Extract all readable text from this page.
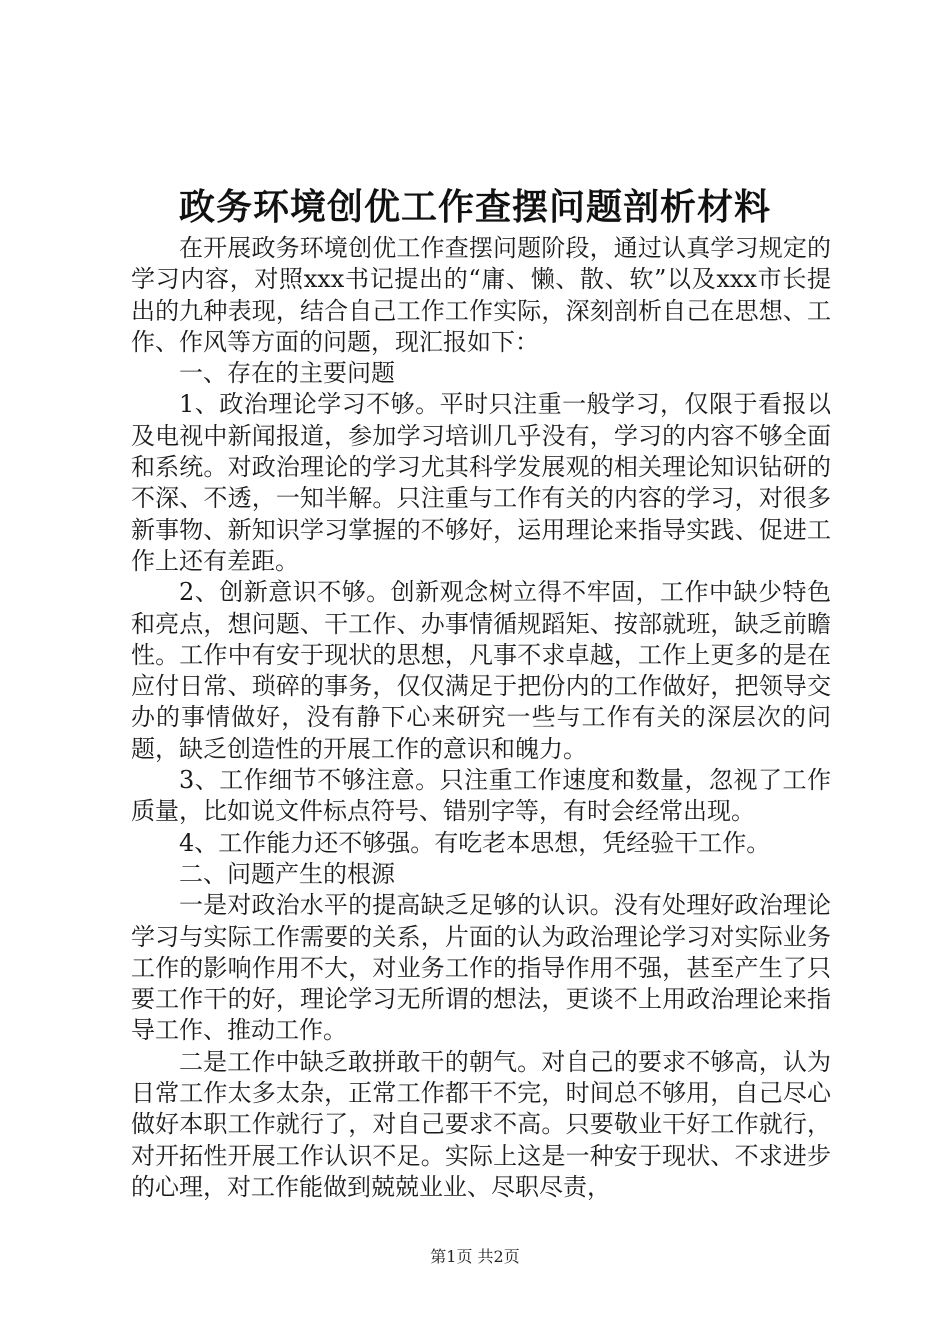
政务环境创优工作查摆问题剖析材料

在开展政务环境创优工作查摆问题阶段，通过认真学习规定的学习内容，对照xxx书记提出的“庸、懒、散、软”以及xxx市长提出的九种表现，结合自己工作工作实际，深刻剖析自己在思想、工作、作风等方面的问题，现汇报如下：

一、存在的主要问题

1、政治理论学习不够。平时只注重一般学习，仅限于看报以及电视中新闻报道，参加学习培训几乎没有，学习的内容不够全面和系统。对政治理论的学习尤其科学发展观的相关理论知识钻研的不深、不透，一知半解。只注重与工作有关的内容的学习，对很多新事物、新知识学习掌握的不够好，运用理论来指导实践、促进工作上还有差距。

2、创新意识不够。创新观念树立得不牢固，工作中缺少特色和亮点，想问题、干工作、办事情循规蹈矩、按部就班，缺乏前瞻性。工作中有安于现状的思想，凡事不求卓越，工作上更多的是在应付日常、琐碎的事务，仅仅满足于把份内的工作做好，把领导交办的事情做好，没有静下心来研究一些与工作有关的深层次的问题，缺乏创造性的开展工作的意识和魄力。

3、工作细节不够注意。只注重工作速度和数量，忽视了工作质量，比如说文件标点符号、错别字等，有时会经常出现。

4、工作能力还不够强。有吃老本思想，凭经验干工作。

二、问题产生的根源

一是对政治水平的提高缺乏足够的认识。没有处理好政治理论学习与实际工作需要的关系，片面的认为政治理论学习对实际业务工作的影响作用不大，对业务工作的指导作用不强，甚至产生了只要工作干的好，理论学习无所谓的想法，更谈不上用政治理论来指导工作、推动工作。

二是工作中缺乏敢拼敢干的朝气。对自己的要求不够高，认为日常工作太多太杂，正常工作都干不完，时间总不够用，自己尽心做好本职工作就行了，对自己要求不高。只要敬业干好工作就行，对开拓性开展工作认识不足。实际上这是一种安于现状、不求进步的心理，对工作能做到兢兢业业、尽职尽责，

第1页 共2页
